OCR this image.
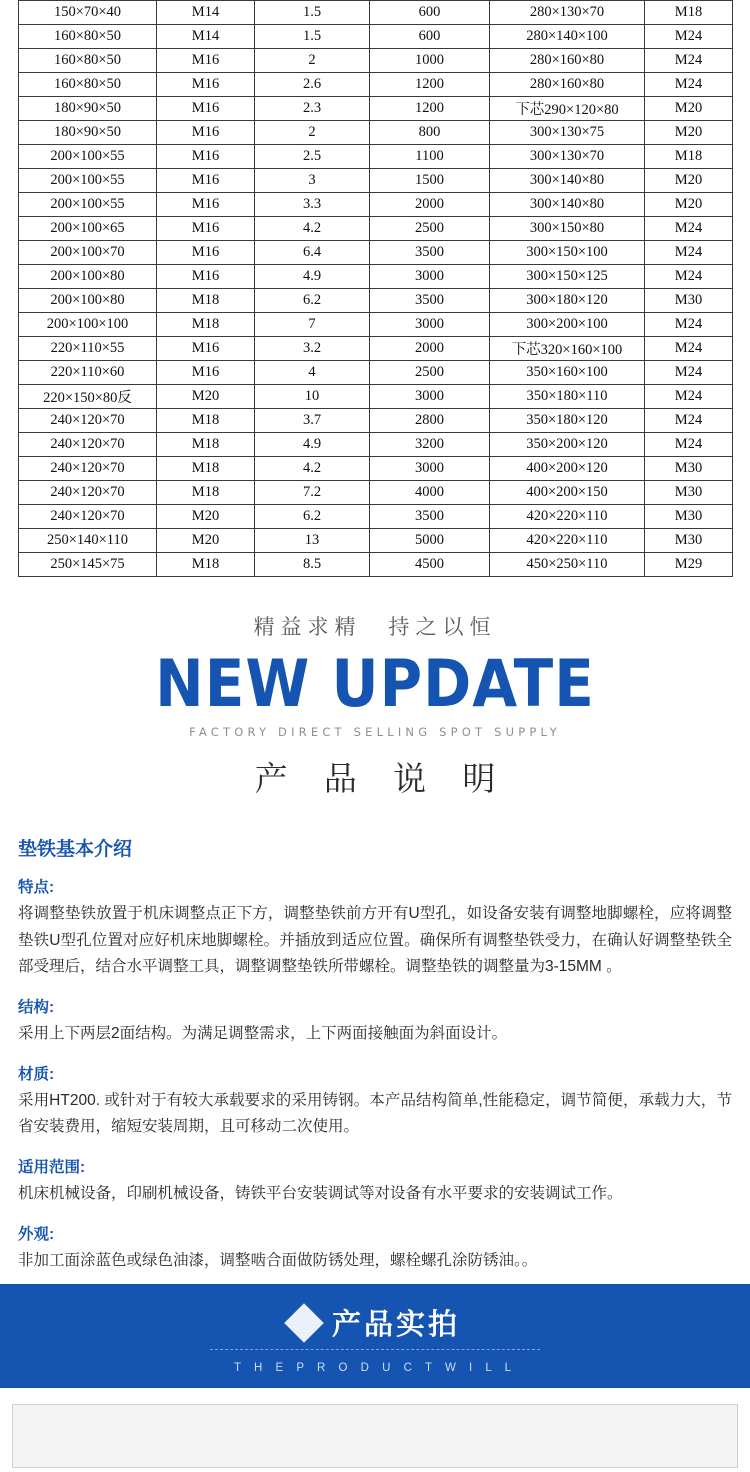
150×70×40	M14	1.5	600	280×130×70	M18
160×80×50	M14	1.5	600	280×140×100	M24
160×80×50	M16	2	1000	280×160×80	M24
160×80×50	M16	2.6	1200	280×160×80	M24
180×90×50	M16	2.3	1200	下芯290×120×80	M20
180×90×50	M16	2	800	300×130×75	M20
200×100×55	M16	2.5	1100	300×130×70	M18
200×100×55	M16	3	1500	300×140×80	M20
200×100×55	M16	3.3	2000	300×140×80	M20
200×100×65	M16	4.2	2500	300×150×80	M24
200×100×70	M16	6.4	3500	300×150×100	M24
200×100×80	M16	4.9	3000	300×150×125	M24
200×100×80	M18	6.2	3500	300×180×120	M30
200×100×100	M18	7	3000	300×200×100	M24
220×110×55	M16	3.2	2000	下芯320×160×100	M24
220×110×60	M16	4	2500	350×160×100	M24
220×150×80反	M20	10	3000	350×180×110	M24
240×120×70	M18	3.7	2800	350×180×120	M24
240×120×70	M18	4.9	3200	350×200×120	M24
240×120×70	M18	4.2	3000	400×200×120	M30
240×120×70	M18	7.2	4000	400×200×150	M30
240×120×70	M20	6.2	3500	420×220×110	M30
250×140×110	M20	13	5000	420×220×110	M30
250×145×75	M18	8.5	4500	450×250×110	M29
精益求精　持之以恒
NEW UPDATE
FACTORY DIRECT SELLING SPOT SUPPLY
产 品 说 明
垫铁基本介绍
特点:

将调整垫铁放置于机床调整点正下方，调整垫铁前方开有U型孔，如设备安装有调整地脚螺栓，应将调整垫铁U型孔位置对应好机床地脚螺栓。并插放到适应位置。确保所有调整垫铁受力，在确认好调整垫铁全部受理后，结合水平调整工具，调整调整垫铁所带螺栓。调整垫铁的调整量为3-15MM 。

结构:

采用上下两层2面结构。为满足调整需求，上下两面接触面为斜面设计。

材质:

采用HT200. 或针对于有较大承载要求的采用铸钢。本产品结构简单,性能稳定，调节简便，承载力大，节省安装费用，缩短安装周期，且可移动二次使用。

适用范围:

机床机械设备，印刷机械设备，铸铁平台安装调试等对设备有水平要求的安装调试工作。

外观:

非加工面涂蓝色或绿色油漆，调整啮合面做防锈处理，螺栓螺孔涂防锈油。。

产品实拍
T H E P R O D U C T W I L L
